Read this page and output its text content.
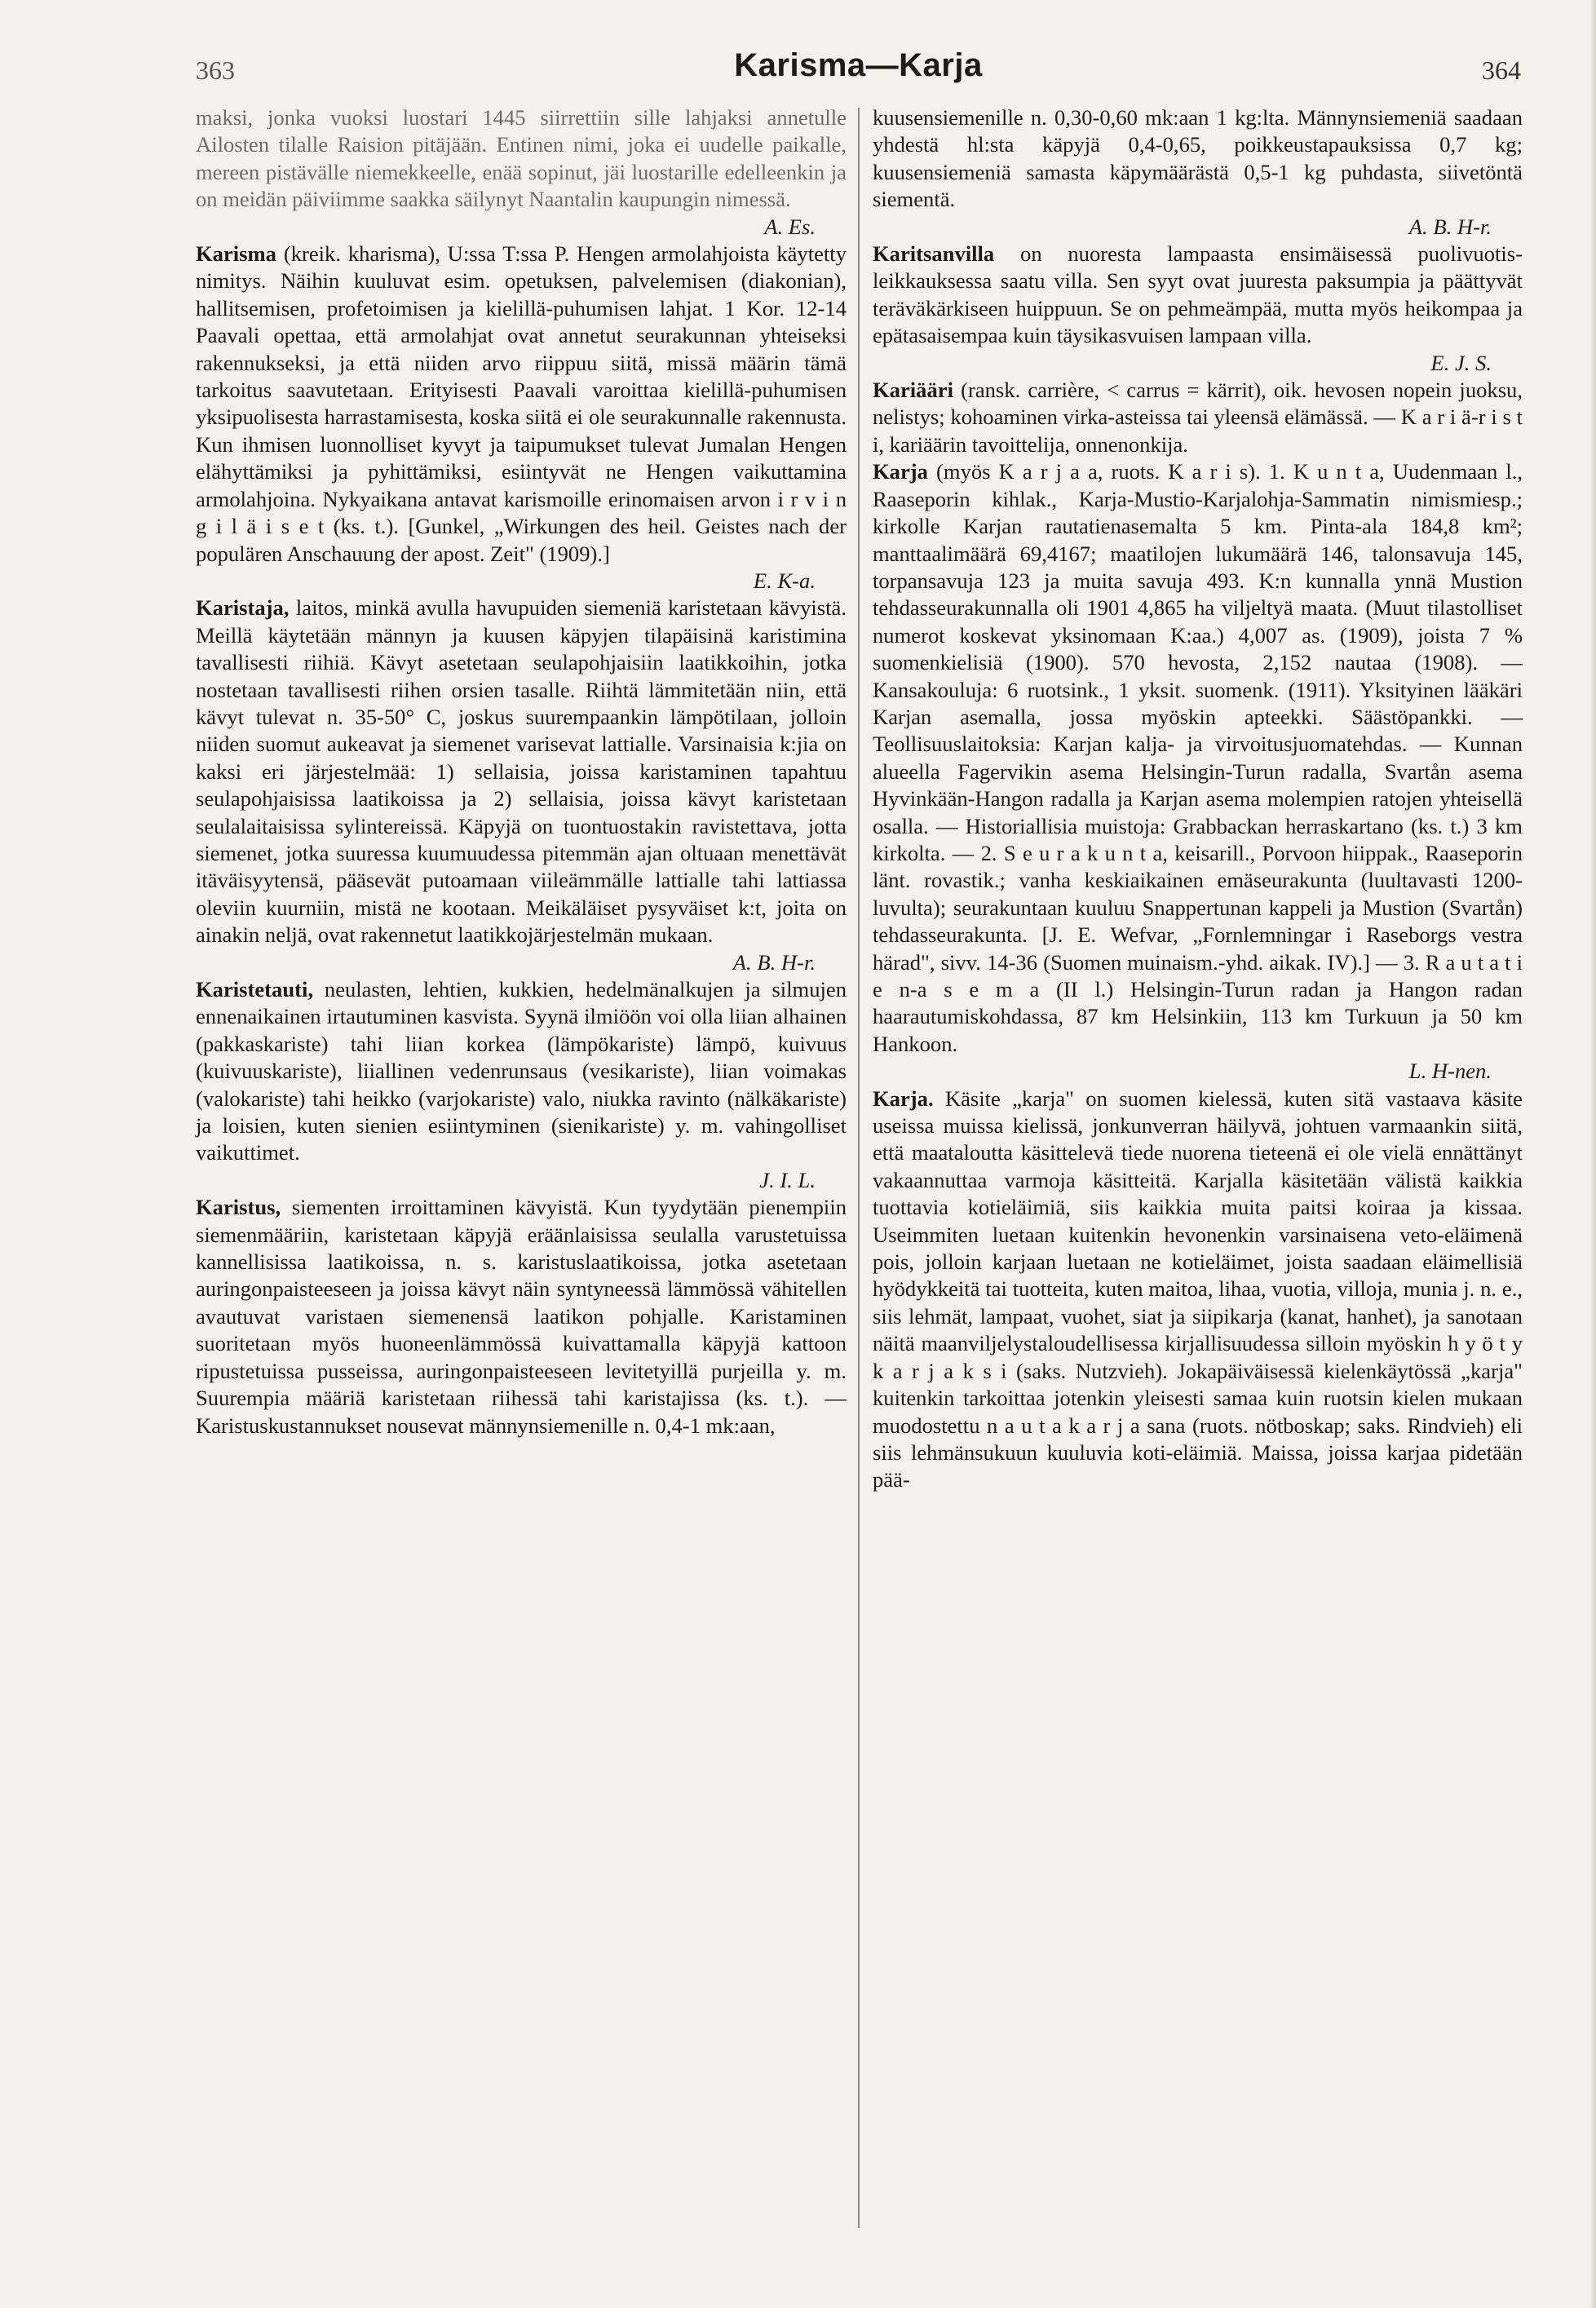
363	Karisma—Karja	364

maksi, jonka vuoksi luostari 1445 siirrettiin sille lahjaksi annetulle Ailosten tilalle Raision pitäjään. Entinen nimi, joka ei uudelle paikalle, mereen pistävälle niemekkeelle, enää sopinut, jäi luostarille edelleenkin ja on meidän päiviimme saakka säilynyt Naantalin kaupungin nimessä.
A. Es.

Karisma (kreik. kharisma), U:ssa T:ssa P. Hengen armolahjoista käytetty nimitys. Näihin kuuluvat esim. opetuksen, palvelemisen (diakonian), hallitsemisen, profetoimisen ja kielillä-puhumisen lahjat. 1 Kor. 12-14 Paavali opettaa, että armolahjat ovat annetut seurakunnan yhteiseksi rakennukseksi, ja että niiden arvo riippuu siitä, missä määrin tämä tarkoitus saavutetaan. Erityisesti Paavali varoittaa kielillä-puhumisen yksipuolisesta harrastamisesta, koska siitä ei ole seurakunnalle rakennusta. Kun ihmisen luonnolliset kyvyt ja taipumukset tulevat Jumalan Hengen elähyttämiksi ja pyhittämiksi, esiintyvät ne Hengen vaikuttamina armolahjoina. Nykyaikana antavat karismoille erinomaisen arvon i r v i n g i l ä i s e t (ks. t.). [Gunkel, „Wirkungen des heil. Geistes nach der populären Anschauung der apost. Zeit" (1909).]
E. K-a.

Karistaja, laitos, minkä avulla havupuiden siemeniä karistetaan kävyistä. Meillä käytetään männyn ja kuusen käpyjen tilapäisinä karistimina tavallisesti riihiä. Kävyt asetetaan seulapohjaisiin laatikkoihin, jotka nostetaan tavallisesti riihen orsien tasalle. Riihtä lämmitetään niin, että kävyt tulevat n. 35-50° C, joskus suurempaankin lämpötilaan, jolloin niiden suomut aukeavat ja siemenet varisevat lattialle. Varsinaisia k:jia on kaksi eri järjestelmää: 1) sellaisia, joissa karistaminen tapahtuu seulapohjaisissa laatikoissa ja 2) sellaisia, joissa kävyt karistetaan seulalaitaisissa sylintereissä. Käpyjä on tuontuostakin ravistettava, jotta siemenet, jotka suuressa kuumuudessa pitemmän ajan oltuaan menettävät itäväisyytensä, pääsevät putoamaan viileämmälle lattialle tahi lattiassa oleviin kuurniin, mistä ne kootaan. Meikäläiset pysyväiset k:t, joita on ainakin neljä, ovat rakennetut laatikkojärjestelmän mukaan.
A. B. H-r.

Karistetauti, neulasten, lehtien, kukkien, hedelmänalkujen ja silmujen ennenaikainen irtautuminen kasvista. Syynä ilmiöön voi olla liian alhainen (pakkaskariste) tahi liian korkea (lämpökariste) lämpö, kuivuus (kuivuuskariste), liiallinen vedenrunsaus (vesikariste), liian voimakas (valokariste) tahi heikko (varjokariste) valo, niukka ravinto (nälkäkariste) ja loisien, kuten sienien esiintyminen (sienikariste) y. m. vahingolliset vaikuttimet.
J. I. L.

Karistus, siementen irroittaminen kävyistä. Kun tyydytään pienempiin siemenmääriin, karistetaan käpyjä eräänlaisissa seulalla varustetuissa kannellisissa laatikoissa, n. s. karistuslaatikoissa, jotka asetetaan auringonpaisteeseen ja joissa kävyt näin syntyneessä lämmössä vähitellen avautuvat varistaen siemenensä laatikon pohjalle. Karistaminen suoritetaan myös huoneenlämmössä kuivattamalla käpyjä kattoon ripustetuissa pusseissa, auringonpaisteeseen levitetyillä purjeilla y. m. Suurempia määriä karistetaan riihessä tahi karistajissa (ks. t.). — Karistuskustannukset nousevat männynsiemenille n. 0,4-1 mk:aan,

kuusensiemenille n. 0,30-0,60 mk:aan 1 kg:lta. Männynsiemeniä saadaan yhdestä hl:sta käpyjä 0,4-0,65, poikkeustapauksissa 0,7 kg; kuusensiemeniä samasta käpymäärästä 0,5-1 kg puhdasta, siivetöntä siementä.
A. B. H-r.

Karitsanvilla on nuoresta lampaasta ensimäisessä puolivuotis-leikkauksessa saatu villa. Sen syyt ovat juuresta paksumpia ja päättyvät teräväkärkiseen huippuun. Se on pehmeämpää, mutta myös heikompaa ja epätasaisempaa kuin täysikasvuisen lampaan villa.
E. J. S.

Kariääri (ransk. carrière, < carrus = kärrit), oik. hevosen nopein juoksu, nelistys; kohoaminen virka-asteissa tai yleensä elämässä. — K a r i ä-r i s t i, kariäärin tavoittelija, onnenonkija.

Karja (myös K a r j a a, ruots. K a r i s). 1. K u n t a, Uudenmaan l., Raaseporin kihlak., Karja-Mustio-Karjalohja-Sammatin nimismiesp.; kirkolle Karjan rautatienasemalta 5 km. Pinta-ala 184,8 km²; manttaalimäärä 69,4167; maatilojen lukumäärä 146, talonsavuja 145, torpansavuja 123 ja muita savuja 493. K:n kunnalla ynnä Mustion tehdasseurakunnalla oli 1901 4,865 ha viljeltyä maata. (Muut tilastolliset numerot koskevat yksinomaan K:aa.) 4,007 as. (1909), joista 7 % suomenkielisiä (1900). 570 hevosta, 2,152 nautaa (1908). — Kansakouluja: 6 ruotsink., 1 yksit. suomenk. (1911). Yksityinen lääkäri Karjan asemalla, jossa myöskin apteekki. Säästöpankki. — Teollisuuslaitoksia: Karjan kalja- ja virvoitusjuomatehdas. — Kunnan alueella Fagervikin asema Helsingin-Turun radalla, Svartån asema Hyvinkään-Hangon radalla ja Karjan asema molempien ratojen yhteisellä osalla. — Historiallisia muistoja: Grabbackan herraskartano (ks. t.) 3 km kirkolta. — 2. S e u r a k u n t a, keisarill., Porvoon hiippak., Raaseporin länt. rovastik.; vanha keskiaikainen emäseurakunta (luultavasti 1200-luvulta); seurakuntaan kuuluu Snappertunan kappeli ja Mustion (Svartån) tehdasseurakunta. [J. E. Wefvar, „Fornlemningar i Raseborgs vestra härad", sivv. 14-36 (Suomen muinaism.-yhd. aikak. IV).] — 3. R a u t a t i e n-a s e m a (II l.) Helsingin-Turun radan ja Hangon radan haarautumiskohdassa, 87 km Helsinkiin, 113 km Turkuun ja 50 km Hankoon.
L. H-nen.

Karja. Käsite „karja" on suomen kielessä, kuten sitä vastaava käsite useissa muissa kielissä, jonkunverran häilyvä, johtuen varmaankin siitä, että maataloutta käsittelevä tiede nuorena tieteenä ei ole vielä ennättänyt vakaannuttaa varmoja käsitteitä. Karjalla käsitetään välistä kaikkia tuottavia kotieläimiä, siis kaikkia muita paitsi koiraa ja kissaa. Useimmiten luetaan kuitenkin hevonenkin varsinaisena veto-eläimenä pois, jolloin karjaan luetaan ne kotieläimet, joista saadaan eläimellisiä hyödykkeitä tai tuotteita, kuten maitoa, lihaa, vuotia, villoja, munia j. n. e., siis lehmät, lampaat, vuohet, siat ja siipikarja (kanat, hanhet), ja sanotaan näitä maanviljelystaloudellisessa kirjallisuudessa silloin myöskin h y ö t y k a r j a k s i (saks. Nutzvieh). Jokapäiväisessä kielenkäytössä „karja" kuitenkin tarkoittaa jotenkin yleisesti samaa kuin ruotsin kielen mukaan muodostettu n a u t a k a r j a sana (ruots. nötboskap; saks. Rindvieh) eli siis lehmänsukuun kuuluvia koti-eläimiä. Maissa, joissa karjaa pidetään pää-
